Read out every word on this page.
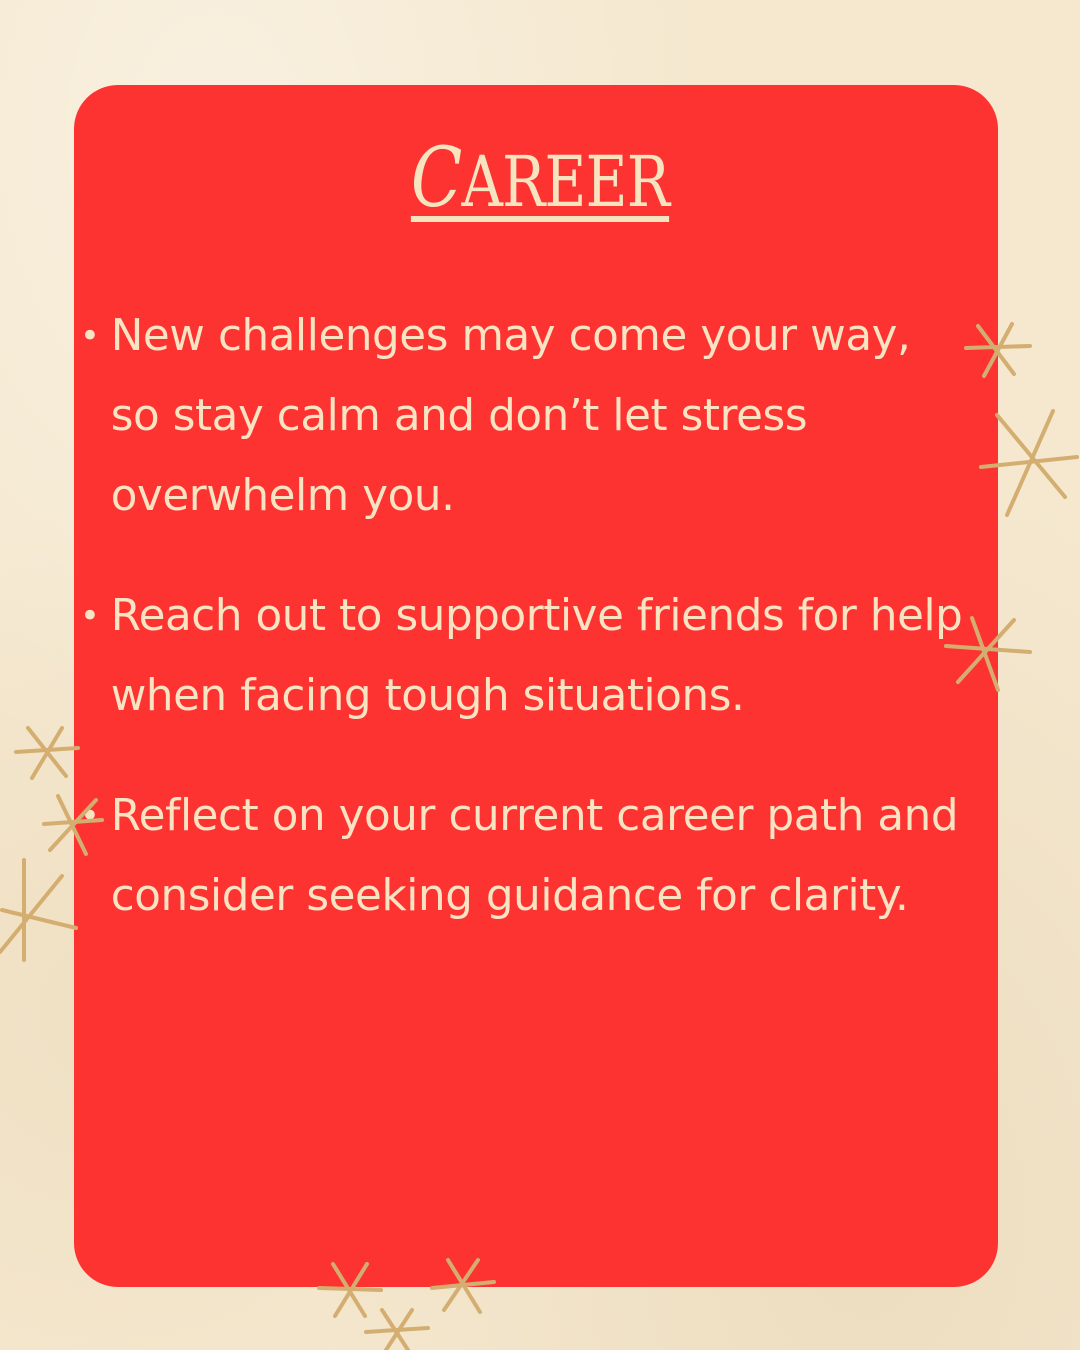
CAREER
• New challenges may come your way, so stay calm and don’t let stress overwhelm you.
• Reach out to supportive friends for help when facing tough situations.
• Reflect on your current career path and consider seeking guidance for clarity.
